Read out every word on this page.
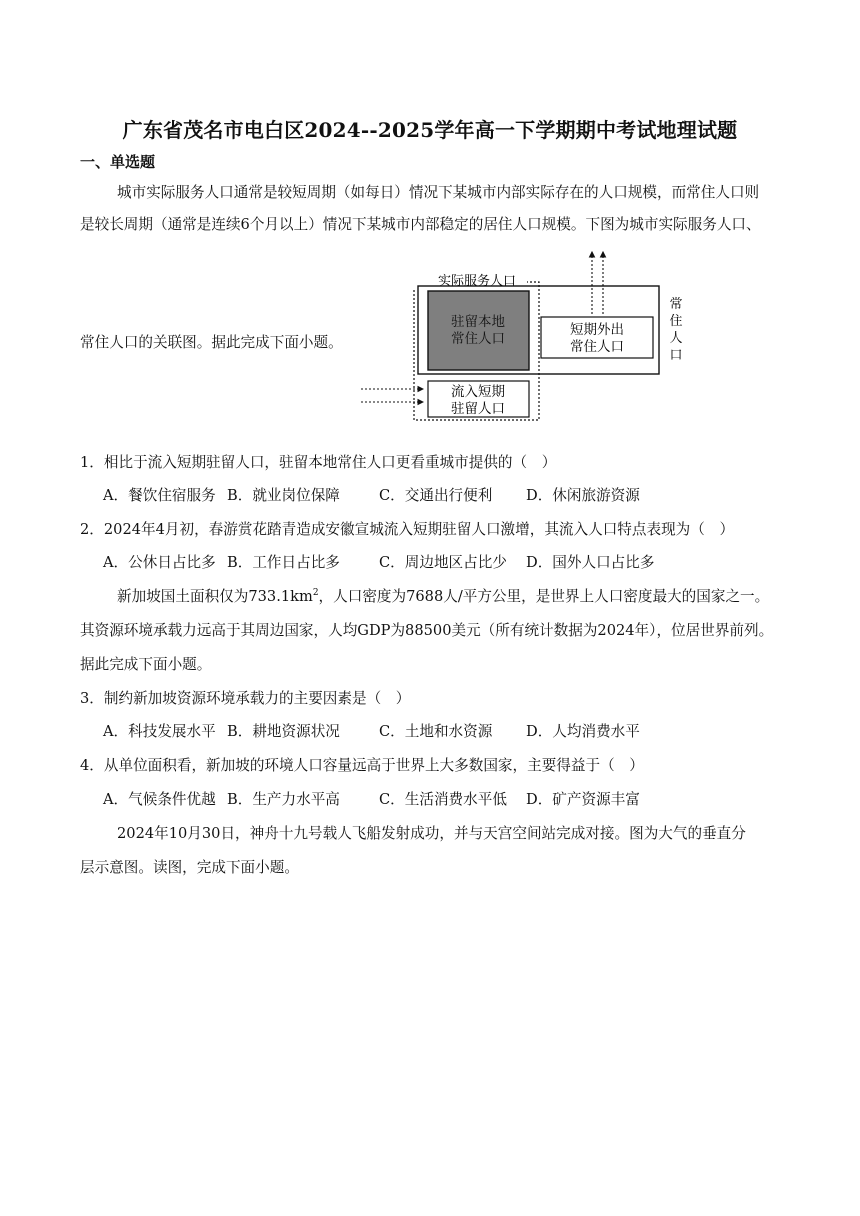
广东省茂名市电白区2024--2025学年高一下学期期中考试地理试题
一、单选题
城市实际服务人口通常是较短周期（如每日）情况下某城市内部实际存在的人口规模，而常住人口则
是较长周期（通常是连续6个月以上）情况下某城市内部稳定的居住人口规模。下图为城市实际服务人口、
常住人口的关联图。据此完成下面小题。
实际服务人口
常
住
人
口
驻留本地
常住人口
短期外出
常住人口
流入短期
驻留人口
1．相比于流入短期驻留人口，驻留本地常住人口更看重城市提供的（　）
A．餐饮住宿服务 B．就业岗位保障	C．交通出行便利 D．休闲旅游资源
2．2024年4月初，春游赏花踏青造成安徽宣城流入短期驻留人口激增，其流入人口特点表现为（　）
A．公休日占比多 B．工作日占比多	C．周边地区占比少 D．国外人口占比多
新加坡国土面积仅为$733.1km^2$，人口密度为7688人/平方公里，是世界上人口密度最大的国家之一。
其资源环境承载力远高于其周边国家，人均GDP为88500美元（所有统计数据为2024年），位居世界前列。
据此完成下面小题。
3．制约新加坡资源环境承载力的主要因素是（　）
A．科技发展水平 B．耕地资源状况	C．土地和水资源 D．人均消费水平
4．从单位面积看，新加坡的环境人口容量远高于世界上大多数国家，主要得益于（　）
A．气候条件优越 B．生产力水平高	C．生活消费水平低 D．矿产资源丰富
2024年10月30日，神舟十九号载人飞船发射成功，并与天宫空间站完成对接。图为大气的垂直分
层示意图。读图，完成下面小题。
